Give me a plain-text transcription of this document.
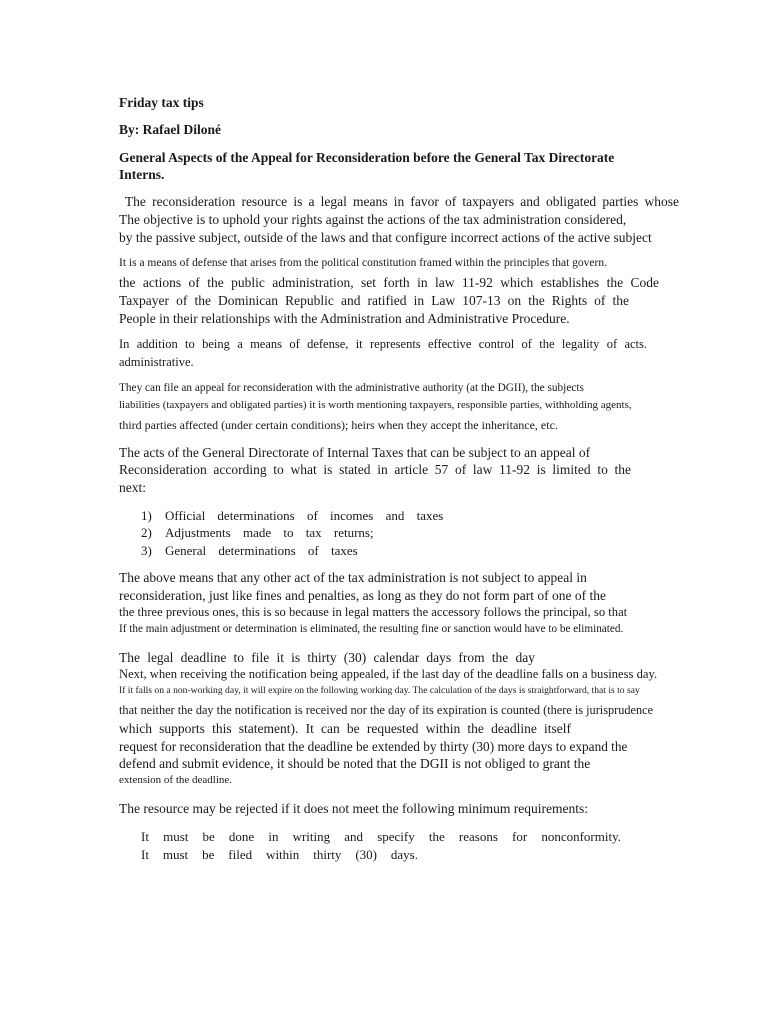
Friday tax tips
By: Rafael Diloné
General Aspects of the Appeal for Reconsideration before the General Tax Directorate
Interns.
The reconsideration resource is a legal means in favor of taxpayers and obligated parties whose
The objective is to uphold your rights against the actions of the tax administration considered,
by the passive subject, outside of the laws and that configure incorrect actions of the active subject
It is a means of defense that arises from the political constitution framed within the principles that govern.
the actions of the public administration, set forth in law 11-92 which establishes the Code
Taxpayer of the Dominican Republic and ratified in Law 107-13 on the Rights of the
People in their relationships with the Administration and Administrative Procedure.
In addition to being a means of defense, it represents effective control of the legality of acts.
administrative.
They can file an appeal for reconsideration with the administrative authority (at the DGII), the subjects
liabilities (taxpayers and obligated parties) it is worth mentioning taxpayers, responsible parties, withholding agents,
third parties affected (under certain conditions); heirs when they accept the inheritance, etc.
The acts of the General Directorate of Internal Taxes that can be subject to an appeal of
Reconsideration according to what is stated in article 57 of law 11-92 is limited to the
next:
1) Official determinations of incomes and taxes
2) Adjustments made to tax returns;
3) General determinations of taxes
The above means that any other act of the tax administration is not subject to appeal in
reconsideration, just like fines and penalties, as long as they do not form part of one of the
the three previous ones, this is so because in legal matters the accessory follows the principal, so that
If the main adjustment or determination is eliminated, the resulting fine or sanction would have to be eliminated.
The legal deadline to file it is thirty (30) calendar days from the day
Next, when receiving the notification being appealed, if the last day of the deadline falls on a business day.
If it falls on a non-working day, it will expire on the following working day. The calculation of the days is straightforward, that is to say
that neither the day the notification is received nor the day of its expiration is counted (there is jurisprudence
which supports this statement). It can be requested within the deadline itself
request for reconsideration that the deadline be extended by thirty (30) more days to expand the
defend and submit evidence, it should be noted that the DGII is not obliged to grant the
extension of the deadline.
The resource may be rejected if it does not meet the following minimum requirements:
It must be done in writing and specify the reasons for nonconformity.
It must be filed within thirty (30) days.
